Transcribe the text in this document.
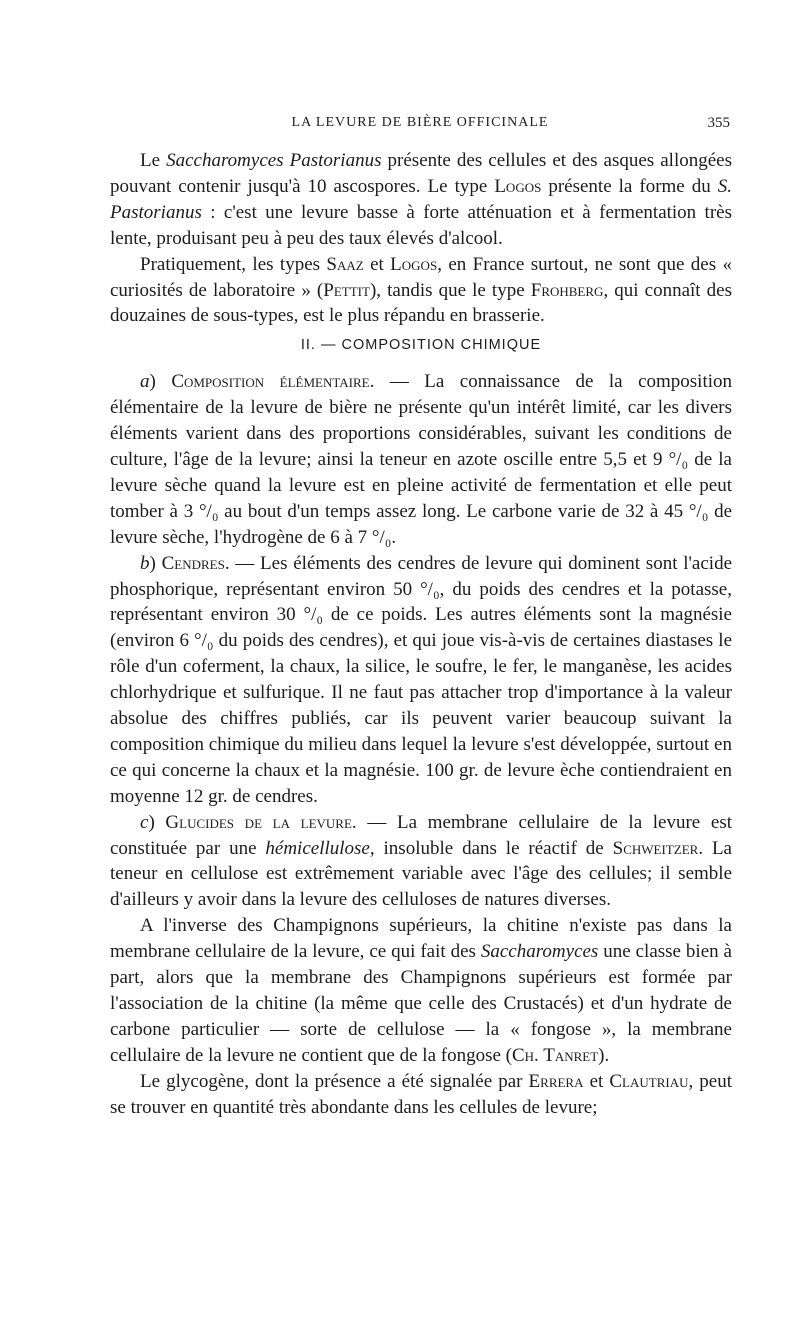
LA LEVURE DE BIÈRE OFFICINALE	355

Le Saccharomyces Pastorianus présente des cellules et des asques allongées pouvant contenir jusqu'à 10 ascospores. Le type Logos présente la forme du S. Pastorianus : c'est une levure basse à forte atténuation et à fermentation très lente, produisant peu à peu des taux élevés d'alcool.

Pratiquement, les types Saaz et Logos, en France surtout, ne sont que des « curiosités de laboratoire » (Pettit), tandis que le type Frohberg, qui connaît des douzaines de sous-types, est le plus répandu en brasserie.

II. — COMPOSITION CHIMIQUE

a) Composition élémentaire. — La connaissance de la composition élémentaire de la levure de bière ne présente qu'un intérêt limité, car les divers éléments varient dans des proportions considérables, suivant les conditions de culture, l'âge de la levure; ainsi la teneur en azote oscille entre 5,5 et 9 °/₀ de la levure sèche quand la levure est en pleine activité de fermentation et elle peut tomber à 3 °/₀ au bout d'un temps assez long. Le carbone varie de 32 à 45 °/₀ de levure sèche, l'hydrogène de 6 à 7 °/₀.

b) Cendres. — Les éléments des cendres de levure qui dominent sont l'acide phosphorique, représentant environ 50 °/₀, du poids des cendres et la potasse, représentant environ 30 °/₀ de ce poids. Les autres éléments sont la magnésie (environ 6 °/₀ du poids des cendres), et qui joue vis-à-vis de certaines diastases le rôle d'un coferment, la chaux, la silice, le soufre, le fer, le manganèse, les acides chlorhydrique et sulfurique. Il ne faut pas attacher trop d'importance à la valeur absolue des chiffres publiés, car ils peuvent varier beaucoup suivant la composition chimique du milieu dans lequel la levure s'est développée, surtout en ce qui concerne la chaux et la magnésie. 100 gr. de levure èche contiendraient en moyenne 12 gr. de cendres.

c) Glucides de la levure. — La membrane cellulaire de la levure est constituée par une hémicellulose, insoluble dans le réactif de Schweitzer. La teneur en cellulose est extrêmement variable avec l'âge des cellules; il semble d'ailleurs y avoir dans la levure des celluloses de natures diverses.

A l'inverse des Champignons supérieurs, la chitine n'existe pas dans la membrane cellulaire de la levure, ce qui fait des Saccharomyces une classe bien à part, alors que la membrane des Champignons supérieurs est formée par l'association de la chitine (la même que celle des Crustacés) et d'un hydrate de carbone particulier — sorte de cellulose — la « fongose », la membrane cellulaire de la levure ne contient que de la fongose (Ch. Tanret).

Le glycogène, dont la présence a été signalée par Errera et Clautriau, peut se trouver en quantité très abondante dans les cellules de levure;
